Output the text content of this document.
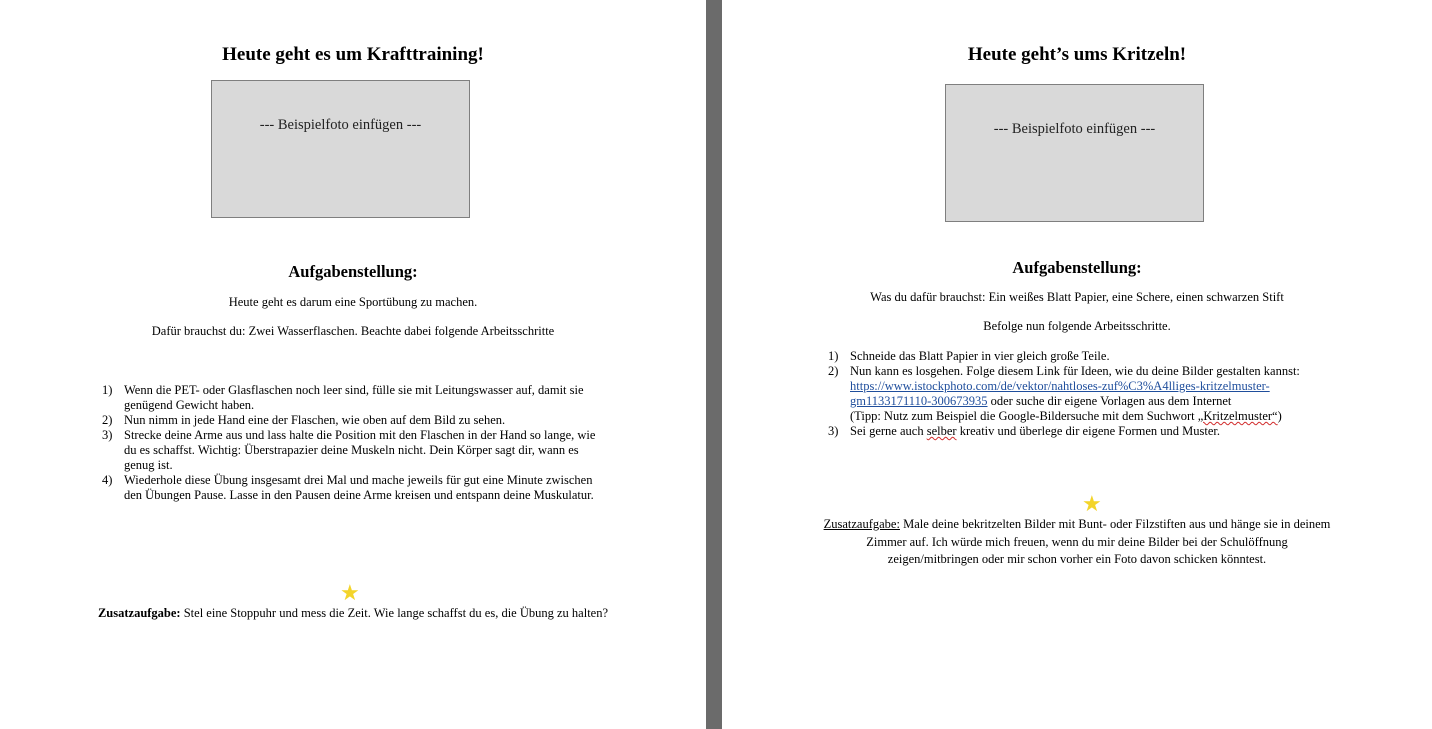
Heute geht es um Krafttraining!
--- Beispielfoto einfügen ---
Aufgabenstellung:
Heute geht es darum eine Sportübung zu machen.
Dafür brauchst du: Zwei Wasserflaschen. Beachte dabei folgende Arbeitsschritte
1) Wenn die PET- oder Glasflaschen noch leer sind, fülle sie mit Leitungswasser auf, damit sie
genügend Gewicht haben.
2) Nun nimm in jede Hand eine der Flaschen, wie oben auf dem Bild zu sehen.
3) Strecke deine Arme aus und lass halte die Position mit den Flaschen in der Hand so lange, wie
du es schaffst. Wichtig: Überstrapazier deine Muskeln nicht. Dein Körper sagt dir, wann es
genug ist.
4) Wiederhole diese Übung insgesamt drei Mal und mache jeweils für gut eine Minute zwischen
den Übungen Pause. Lasse in den Pausen deine Arme kreisen und entspann deine Muskulatur.
★
Zusatzaufgabe: Stel eine Stoppuhr und mess die Zeit. Wie lange schaffst du es, die Übung zu halten?
Heute geht’s ums Kritzeln!
--- Beispielfoto einfügen ---
Aufgabenstellung:
Was du dafür brauchst: Ein weißes Blatt Papier, eine Schere, einen schwarzen Stift
Befolge nun folgende Arbeitsschritte.
1) Schneide das Blatt Papier in vier gleich große Teile.
2) Nun kann es losgehen. Folge diesem Link für Ideen, wie du deine Bilder gestalten kannst:
https://www.istockphoto.com/de/vektor/nahtloses-zuf%C3%A4lliges-kritzelmuster-
gm1133171110-300673935 oder suche dir eigene Vorlagen aus dem Internet
(Tipp: Nutz zum Beispiel die Google-Bildersuche mit dem Suchwort „Kritzelmuster“)
3) Sei gerne auch selber kreativ und überlege dir eigene Formen und Muster.
★
Zusatzaufgabe: Male deine bekritzelten Bilder mit Bunt- oder Filzstiften aus und hänge sie in deinem
Zimmer auf. Ich würde mich freuen, wenn du mir deine Bilder bei der Schulöffnung
zeigen/mitbringen oder mir schon vorher ein Foto davon schicken könntest.
